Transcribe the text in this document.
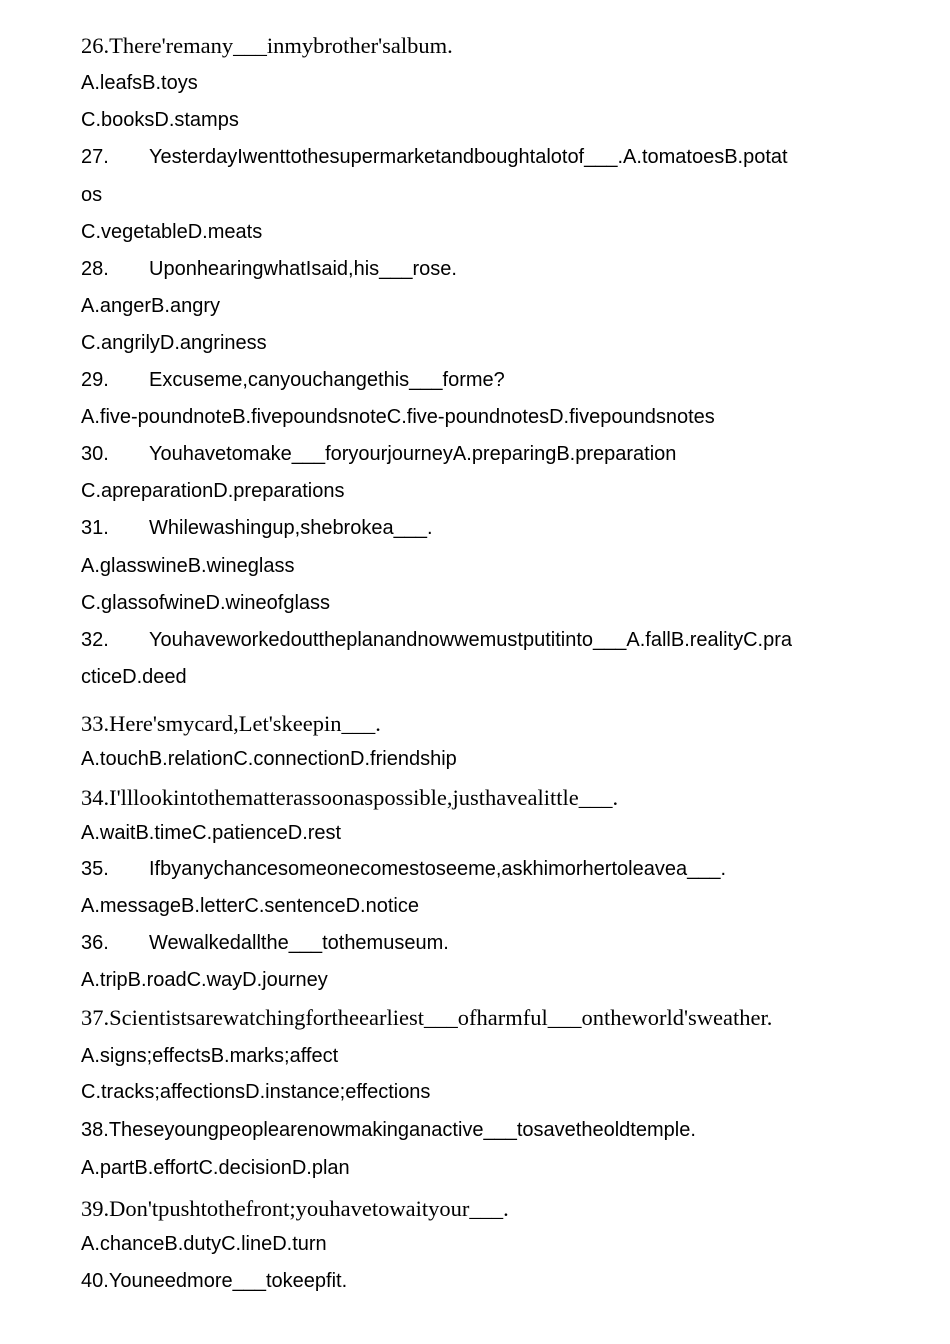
26.There'remany___inmybrother'salbum.
A.leafsB.toys
C.booksD.stamps
27. YesterdayIwenttothesupermarketandboughtalotof___.A.tomatoesB.potat
os
C.vegetableD.meats
28. UponhearingwhatIsaid,his___rose.
A.angerB.angry
C.angrilyD.angriness
29. Excuseme,canyouchangethis___forme?
A.five-poundnoteB.fivepoundsnoteC.five-poundnotesD.fivepoundsnotes
30. Youhavetomake___foryourjourneyA.preparingB.preparation
C.apreparationD.preparations
31. Whilewashingup,shebrokea___.
A.glasswineB.wineglass
C.glassofwineD.wineofglass
32. Youhaveworkedouttheplanandnowwemustputitinto___A.fallB.realityC.pra
cticeD.deed
33.Here'smycard,Let'skeepin___.
A.touchB.relationC.connectionD.friendship
34.I'lllookintothematterassoonaspossible,justhavealittle___.
A.waitB.timeC.patienceD.rest
35. Ifbyanychancesomeonecomestoseeme,askhimorhertoleavea___.
A.messageB.letterC.sentenceD.notice
36. Wewalkedallthe___tothemuseum.
A.tripB.roadC.wayD.journey
37.Scientistsarewatchingfortheearliest___ofharmful___ontheworld'sweather.
A.signs;effectsB.marks;affect
C.tracks;affectionsD.instance;effections
38.Theseyoungpeoplearenowmakinganactive___tosavetheoldtemple.
A.partB.effortC.decisionD.plan
39.Don'tpushtothefront;youhavetowaityour___.
A.chanceB.dutyC.lineD.turn
40.Youneedmore___tokeepfit.
